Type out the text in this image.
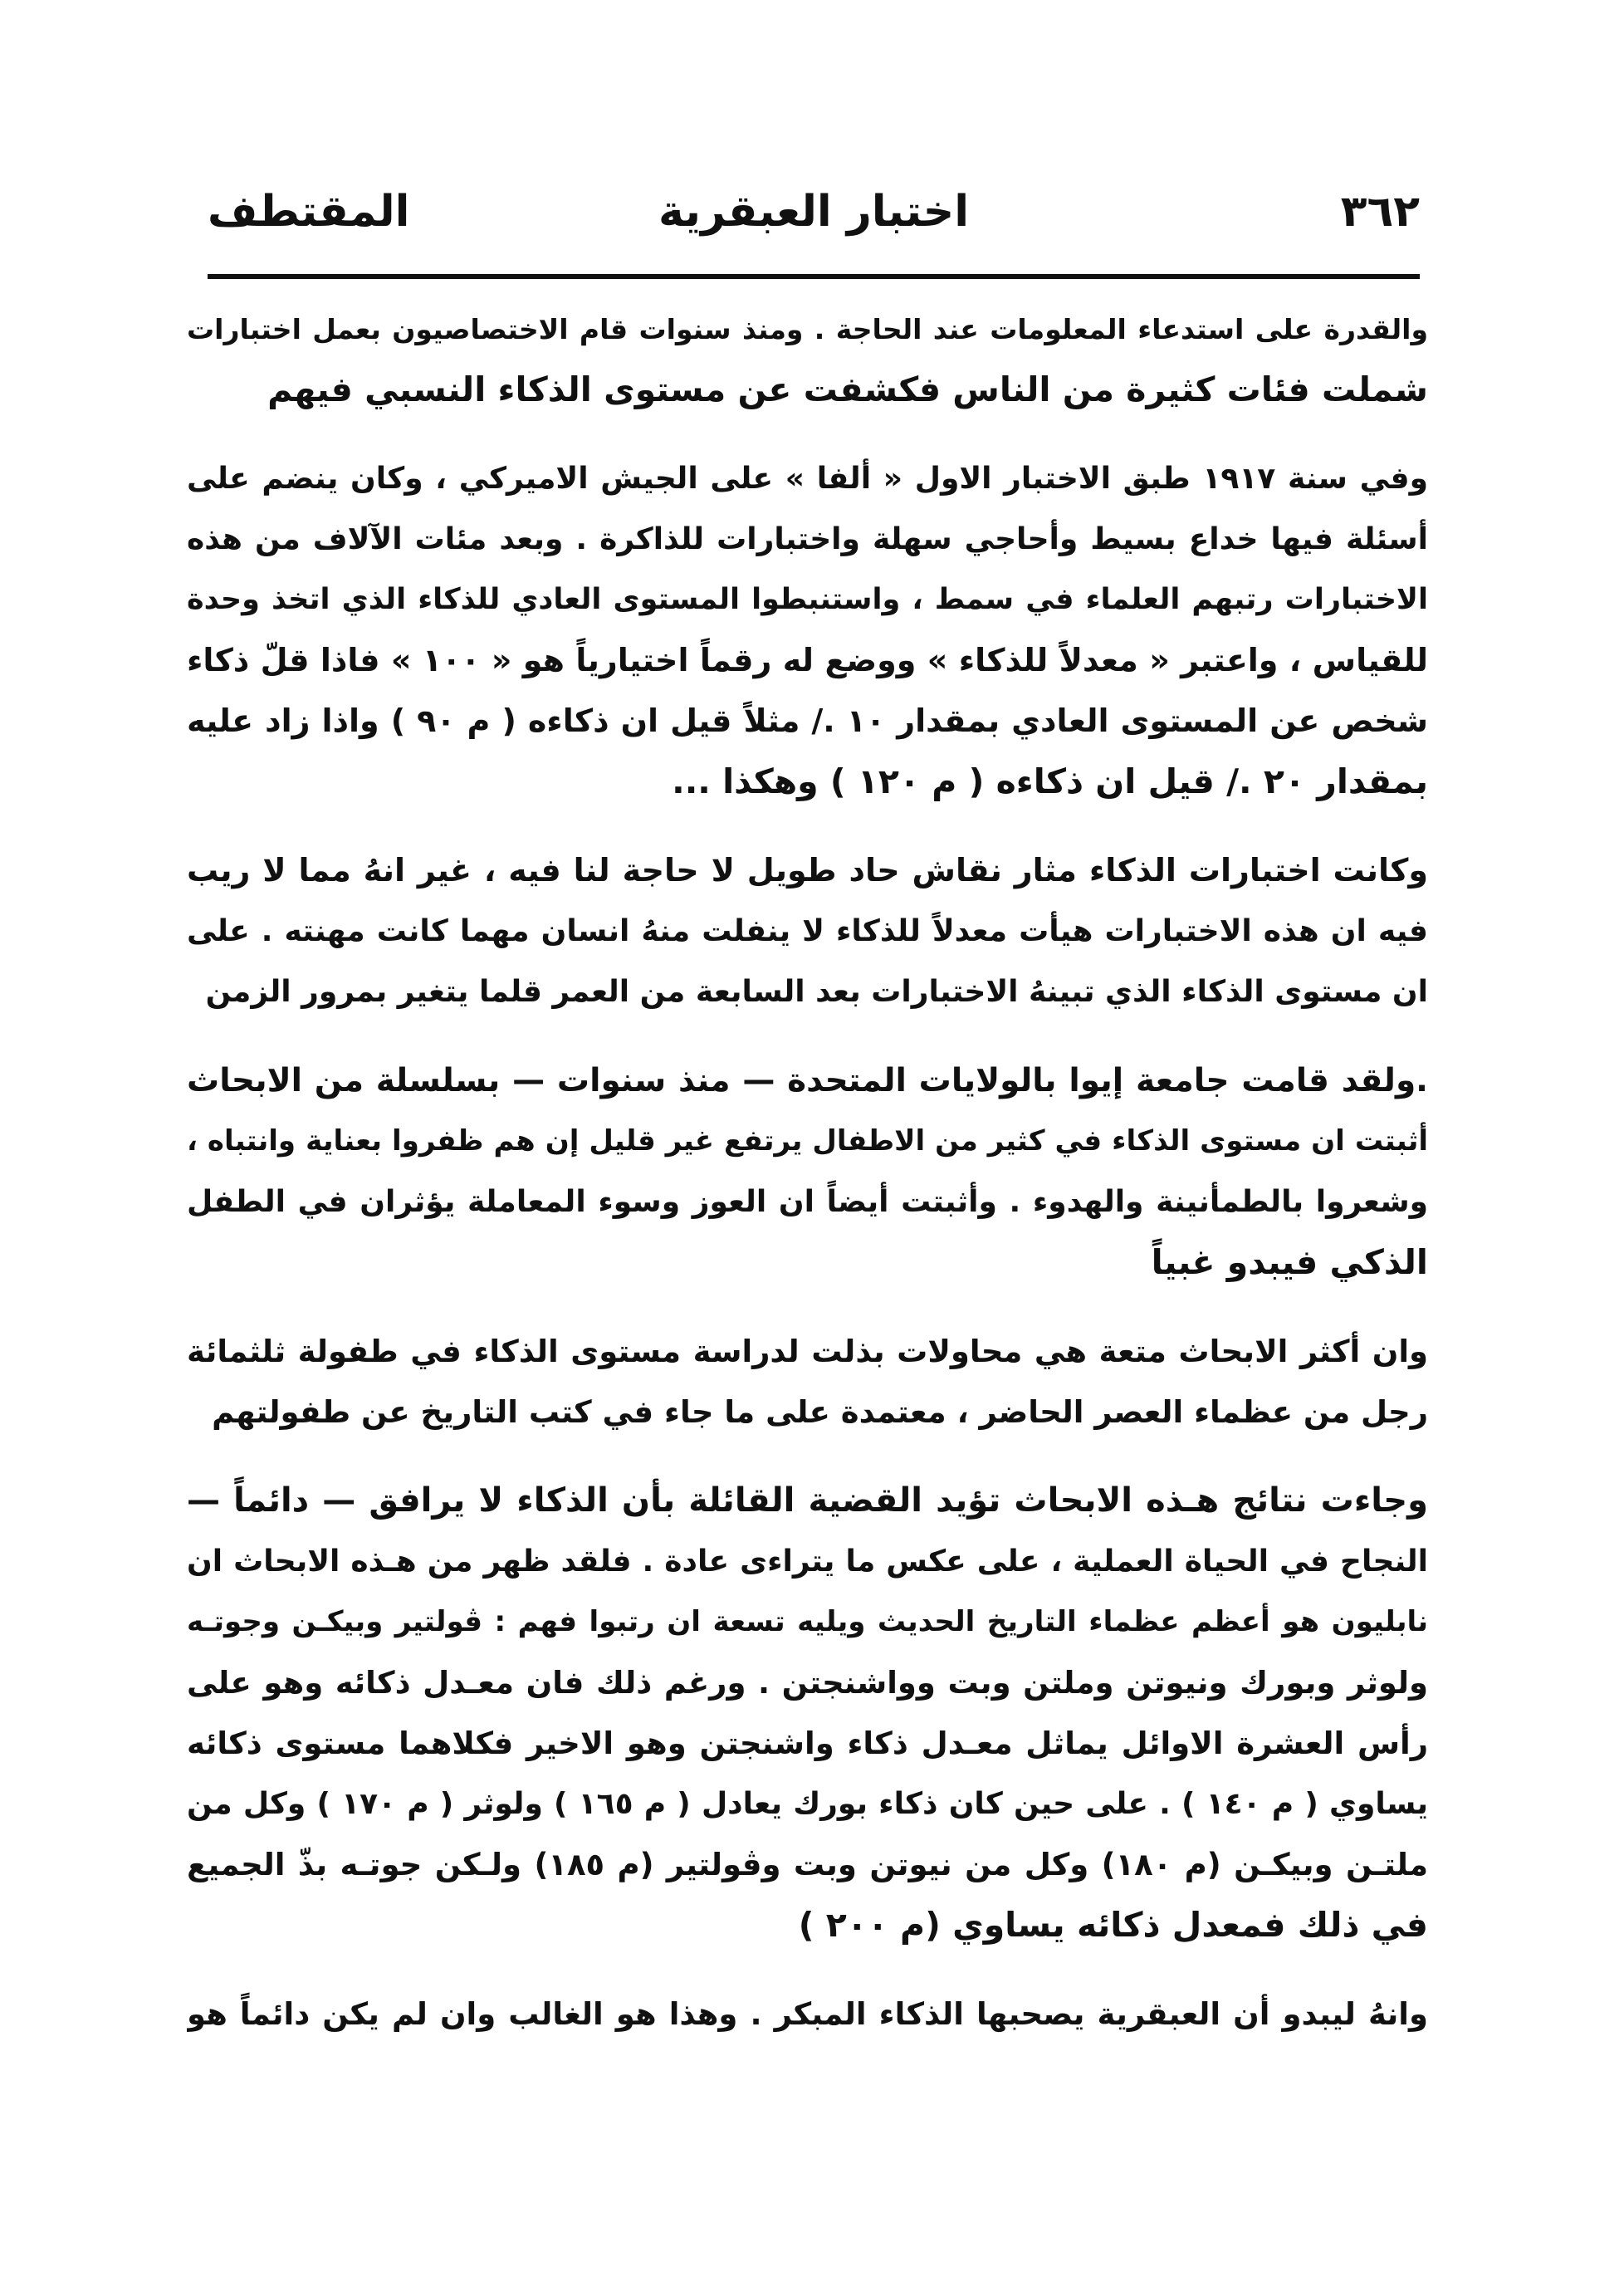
٣٦٢
اختبار العبقرية
المقتطف

والقدرة على استدعاء المعلومات عند الحاجة . ومنذ سنوات قام الاختصاصيون بعمل اختبارات
شملت فئات كثيرة من الناس فكشفت عن مستوى الذكاء النسبي فيهم

وفي سنة ١٩١٧ طبق الاختبار الاول « ألفا » على الجيش الاميركي ، وكان ينضم على
أسئلة فيها خداع بسيط وأحاجي سهلة واختبارات للذاكرة . وبعد مئات الآلاف من هذه
الاختبارات رتبهم العلماء في سمط ، واستنبطوا المستوى العادي للذكاء الذي اتخذ وحدة
للقياس ، واعتبر « معدلاً للذكاء » ووضع له رقماً اختيارياً هو « ١٠٠ » فاذا قلّ ذكاء
شخص عن المستوى العادي بمقدار ١٠ ./ مثلاً قيل ان ذكاءه ( م ٩٠ ) واذا زاد عليه
بمقدار ٢٠ ./ قيل ان ذكاءه ( م ١٢٠ ) وهكذا ...

وكانت اختبارات الذكاء مثار نقاش حاد طويل لا حاجة لنا فيه ، غير انهُ مما لا ريب
فيه ان هذه الاختبارات هيأت معدلاً للذكاء لا ينفلت منهُ انسان مهما كانت مهنته . على
ان مستوى الذكاء الذي تبينهُ الاختبارات بعد السابعة من العمر قلما يتغير بمرور الزمن

.ولقد قامت جامعة إيوا بالولايات المتحدة — منذ سنوات — بسلسلة من الابحاث
أثبتت ان مستوى الذكاء في كثير من الاطفال يرتفع غير قليل إن هم ظفروا بعناية وانتباه ،
وشعروا بالطمأنينة والهدوء . وأثبتت أيضاً ان العوز وسوء المعاملة يؤثران في الطفل
الذكي فيبدو غبياً

وان أكثر الابحاث متعة هي محاولات بذلت لدراسة مستوى الذكاء في طفولة ثلثمائة
رجل من عظماء العصر الحاضر ، معتمدة على ما جاء في كتب التاريخ عن طفولتهم

وجاءت نتائج هـذه الابحاث تؤيد القضية القائلة بأن الذكاء لا يرافق — دائماً —
النجاح في الحياة العملية ، على عكس ما يتراءى عادة . فلقد ظهر من هـذه الابحاث ان
نابليون هو أعظم عظماء التاريخ الحديث ويليه تسعة ان رتبوا فهم : ڤولتير وبيكـن وجوتـه
ولوثر وبورك ونيوتن وملتن وبت وواشنجتن . ورغم ذلك فان معـدل ذكائه وهو على
رأس العشرة الاوائل يماثل معـدل ذكاء واشنجتن وهو الاخير فكلاهما مستوى ذكائه
يساوي ( م ١٤٠ ) . على حين كان ذكاء بورك يعادل ( م ١٦٥ ) ولوثر ( م ١٧٠ ) وكل من
ملتـن وبيكـن (م ١٨٠) وكل من نيوتن وبت وڤولتير (م ١٨٥) ولـكن جوتـه بذّ الجميع
في ذلك فمعدل ذكائه يساوي (م ٢٠٠ )

وانهُ ليبدو أن العبقرية يصحبها الذكاء المبكر . وهذا هو الغالب وان لم يكن دائماً هو
